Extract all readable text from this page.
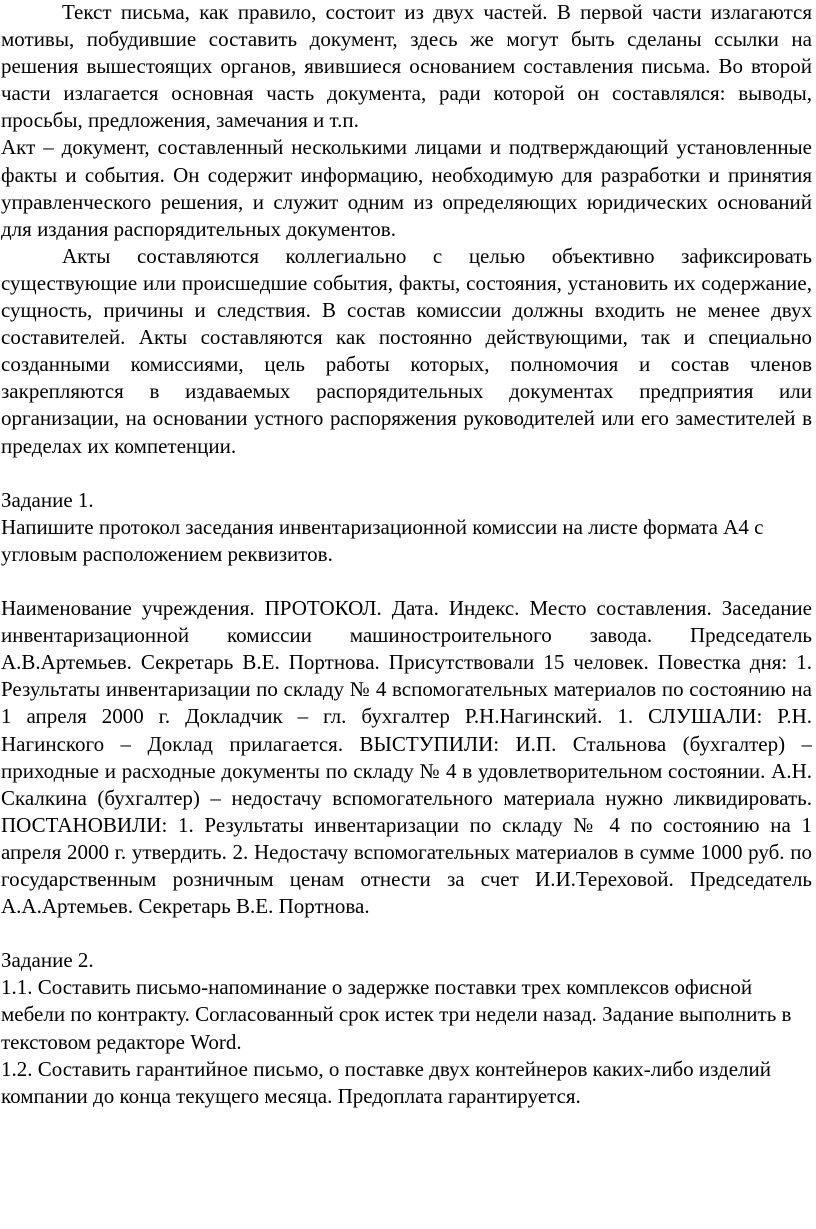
Текст письма, как правило, состоит из двух частей. В первой части излагаются мотивы, побудившие составить документ, здесь же могут быть сделаны ссылки на решения вышестоящих органов, явившиеся основанием составления письма. Во второй части излагается основная часть документа, ради которой он составлялся: выводы, просьбы, предложения, замечания и т.п.

Акт – документ, составленный несколькими лицами и подтверждающий установленные факты и события. Он содержит информацию, необходимую для разработки и принятия управленческого решения, и служит одним из определяющих юридических оснований для издания распорядительных документов.

Акты составляются коллегиально с целью объективно зафиксировать существующие или происшедшие события, факты, состояния, установить их содержание, сущность, причины и следствия. В состав комиссии должны входить не менее двух составителей. Акты составляются как постоянно действующими, так и специально созданными комиссиями, цель работы которых, полномочия и состав членов закрепляются в издаваемых распорядительных документах предприятия или организации, на основании устного распоряжения руководителей или его заместителей в пределах их компетенции.

Задание 1.

Напишите протокол заседания инвентаризационной комиссии на листе формата А4 с угловым расположением реквизитов.

Наименование учреждения. ПРОТОКОЛ. Дата. Индекс. Место составления. Заседание инвентаризационной комиссии машиностроительного завода. Председатель А.В.Артемьев. Секретарь В.Е. Портнова. Присутствовали 15 человек. Повестка дня: 1. Результаты инвентаризации по складу № 4 вспомогательных материалов по состоянию на 1 апреля 2000 г. Докладчик – гл. бухгалтер Р.Н.Нагинский. 1. СЛУШАЛИ: Р.Н. Нагинского – Доклад прилагается. ВЫСТУПИЛИ: И.П. Стальнова (бухгалтер) – приходные и расходные документы по складу № 4 в удовлетворительном состоянии. А.Н. Скалкина (бухгалтер) – недостачу вспомогательного материала нужно ликвидировать. ПОСТАНОВИЛИ: 1. Результаты инвентаризации по складу № 4 по состоянию на 1 апреля 2000 г. утвердить. 2. Недостачу вспомогательных материалов в сумме 1000 руб. по государственным розничным ценам отнести за счет И.И.Тереховой. Председатель А.А.Артемьев. Секретарь В.Е. Портнова.

Задание 2.

1.1. Составить письмо-напоминание о задержке поставки трех комплексов офисной мебели по контракту. Согласованный срок истек три недели назад. Задание выполнить в текстовом редакторе Word.

1.2. Составить гарантийное письмо, о поставке двух контейнеров каких-либо изделий компании до конца текущего месяца. Предоплата гарантируется.
